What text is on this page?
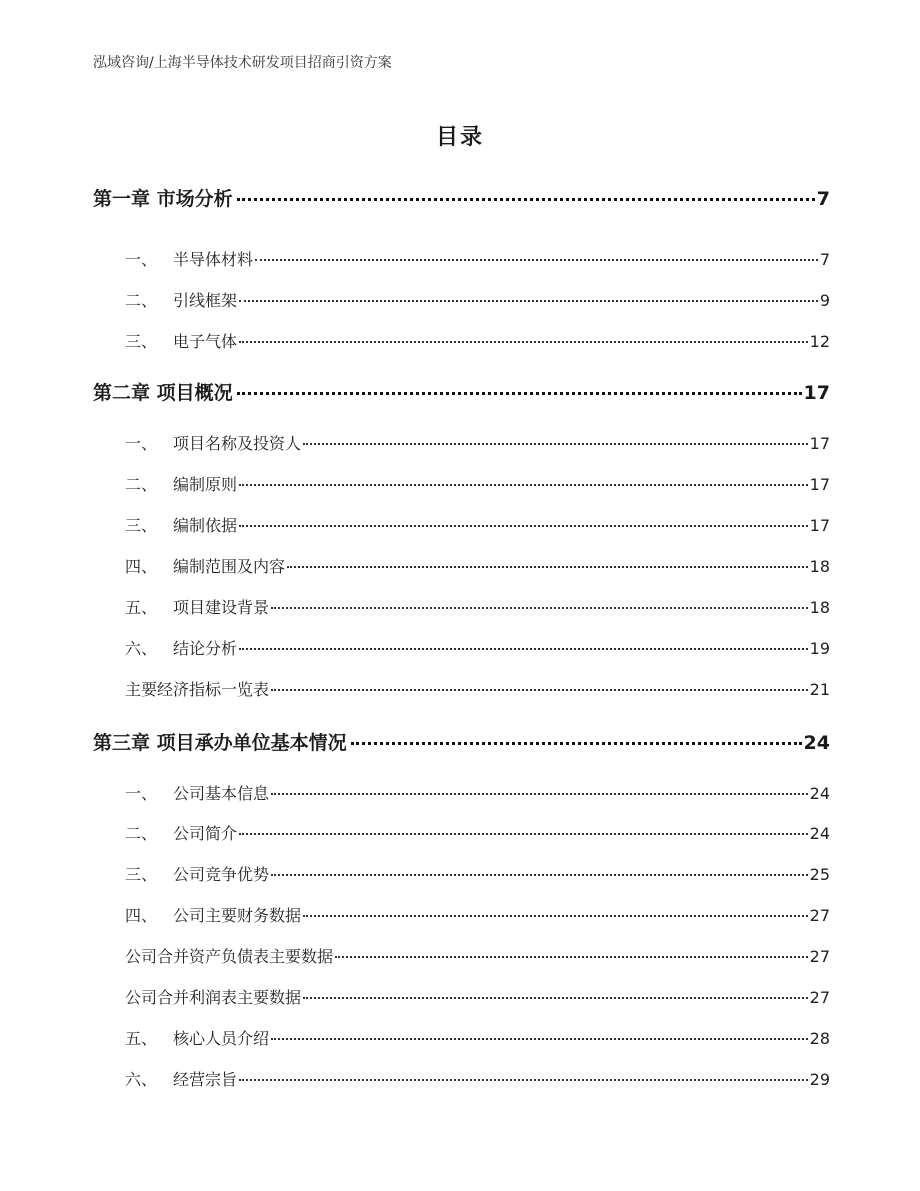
泓域咨询/上海半导体技术研发项目招商引资方案
目录
第一章 市场分析	7
一、 半导体材料	7
二、 引线框架	9
三、 电子气体	12
第二章 项目概况	17
一、 项目名称及投资人	17
二、 编制原则	17
三、 编制依据	17
四、 编制范围及内容	18
五、 项目建设背景	18
六、 结论分析	19
主要经济指标一览表	21
第三章 项目承办单位基本情况	24
一、 公司基本信息	24
二、 公司简介	24
三、 公司竞争优势	25
四、 公司主要财务数据	27
公司合并资产负债表主要数据	27
公司合并利润表主要数据	27
五、 核心人员介绍	28
六、 经营宗旨	29
